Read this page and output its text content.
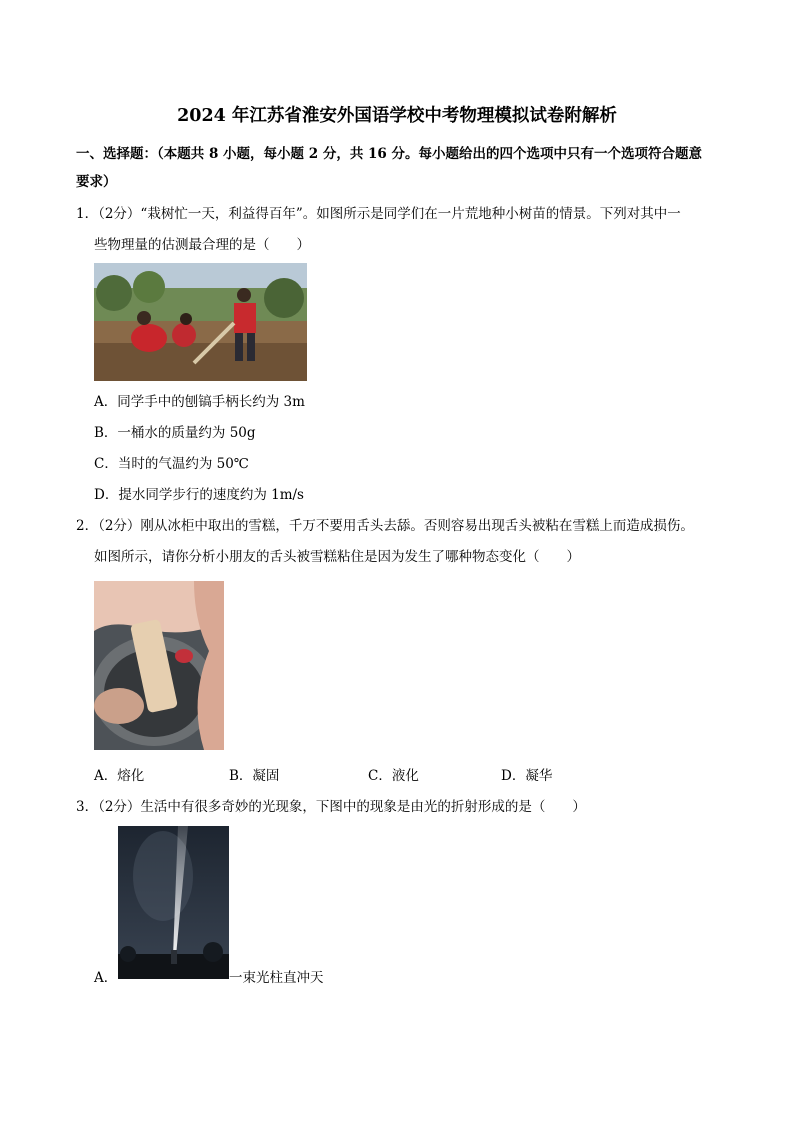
2024 年江苏省淮安外国语学校中考物理模拟试卷附解析
一、选择题：（本题共 8 小题，每小题 2 分，共 16 分。每小题给出的四个选项中只有一个选项符合题意
要求）
1．（2分）“栽树忙一天，利益得百年”。如图所示是同学们在一片荒地种小树苗的情景。下列对其中一
些物理量的估测最合理的是（　　）
A．同学手中的刨镐手柄长约为 3m
B．一桶水的质量约为 50g
C．当时的气温约为 50℃
D．提水同学步行的速度约为 1m/s
2．（2分）刚从冰柜中取出的雪糕，千万不要用舌头去舔。否则容易出现舌头被粘在雪糕上而造成损伤。
如图所示，请你分析小朋友的舌头被雪糕粘住是因为发生了哪种物态变化（　　）
A．熔化	B．凝固	C．液化	D．凝华
3．（2分）生活中有很多奇妙的光现象，下图中的现象是由光的折射形成的是（　　）
A．	一束光柱直冲天
